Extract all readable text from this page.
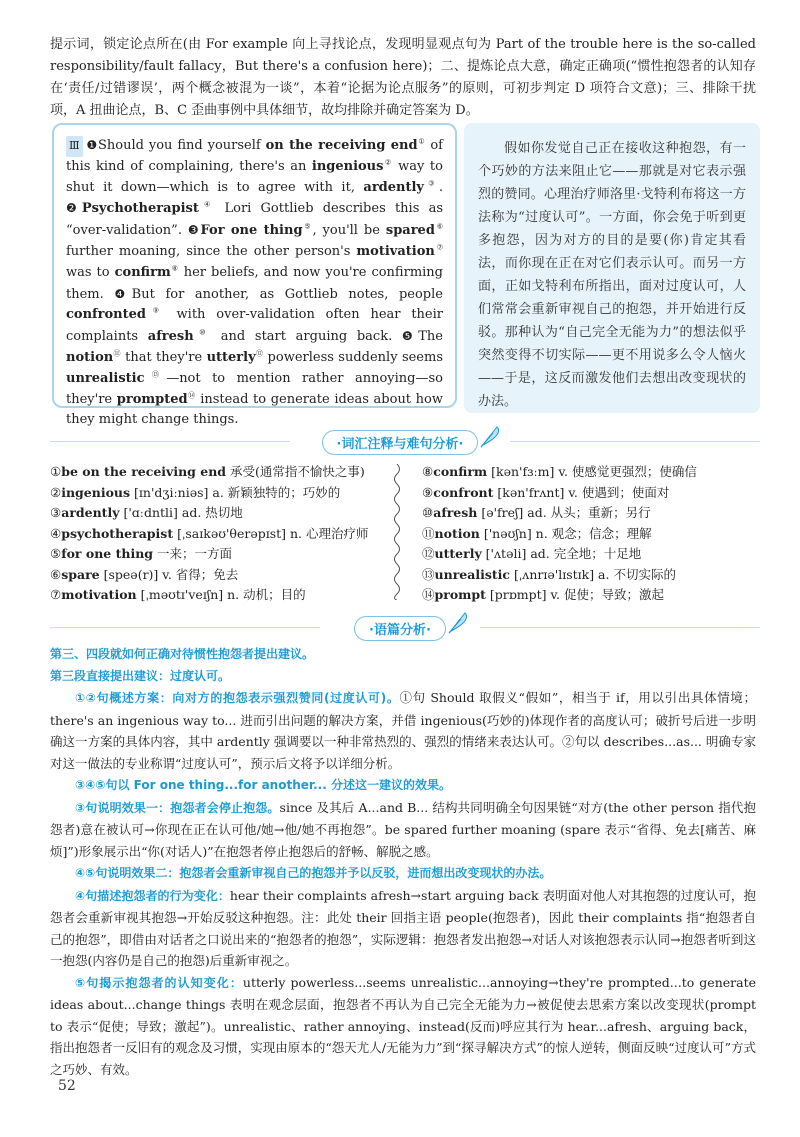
提示词，锁定论点所在(由 For example 向上寻找论点，发现明显观点句为 Part of the trouble here is the so-called responsibility/fault fallacy，But there's a confusion here)；二、提炼论点大意，确定正确项(“惯性抱怨者的认知存在‘责任/过错谬误’，两个概念被混为一谈”，本着“论据为论点服务”的原则，可初步判定 D 项符合文意)；三、排除干扰项，A 扭曲论点，B、C 歪曲事例中具体细节，故均排除并确定答案为 D。

Ⅲ ❶Should you find yourself on the receiving end① of this kind of complaining, there's an ingenious② way to shut it down—which is to agree with it, ardently③. ❷Psychotherapist④ Lori Gottlieb describes this as “over-validation”. ❸For one thing⑤, you'll be spared⑥ further moaning, since the other person's motivation⑦ was to confirm⑧ her beliefs, and now you're confirming them. ❹But for another, as Gottlieb notes, people confronted⑨ with over-validation often hear their complaints afresh⑩ and start arguing back. ❺The notion⑪ that they're utterly⑫ powerless suddenly seems unrealistic⑬—not to mention rather annoying—so they're prompted⑭ instead to generate ideas about how they might change things.
假如你发觉自己正在接收这种抱怨，有一个巧妙的方法来阻止它——那就是对它表示强烈的赞同。心理治疗师洛里·戈特利布将这一方法称为“过度认可”。一方面，你会免于听到更多抱怨，因为对方的目的是要(你)肯定其看法，而你现在正在对它们表示认可。而另一方面，正如戈特利布所指出，面对过度认可，人们常常会重新审视自己的抱怨，并开始进行反驳。那种认为“自己完全无能为力”的想法似乎突然变得不切实际——更不用说多么令人恼火——于是，这反而激发他们去想出改变现状的办法。
·词汇注释与难句分析·
①be on the receiving end 承受(通常指不愉快之事)
②ingenious [ɪn'dʒiːniəs] a. 新颖独特的；巧妙的
③ardently ['ɑːdntli] ad. 热切地
④psychotherapist [ˌsaɪkəʊ'θerəpɪst] n. 心理治疗师
⑤for one thing 一来；一方面
⑥spare [speə(r)] v. 省得；免去
⑦motivation [ˌməʊtɪ'veɪʃn] n. 动机；目的
⑧confirm [kən'fɜːm] v. 使感觉更强烈；使确信
⑨confront [kən'frʌnt] v. 使遇到；使面对
⑩afresh [ə'freʃ] ad. 从头；重新；另行
⑪notion ['nəʊʃn] n. 观念；信念；理解
⑫utterly ['ʌtəli] ad. 完全地；十足地
⑬unrealistic [ˌʌnrɪə'lɪstɪk] a. 不切实际的
⑭prompt [prɒmpt] v. 促使；导致；激起
·语篇分析·

第三、四段就如何正确对待惯性抱怨者提出建议。

第三段直接提出建议：过度认可。

①②句概述方案：向对方的抱怨表示强烈赞同(过度认可)。①句 Should 取假义“假如”，相当于 if，用以引出具体情境；there's an ingenious way to... 进而引出问题的解决方案，并借 ingenious(巧妙的)体现作者的高度认可；破折号后进一步明确这一方案的具体内容，其中 ardently 强调要以一种非常热烈的、强烈的情绪来表达认可。②句以 describes...as... 明确专家对这一做法的专业称谓“过度认可”，预示后文将予以详细分析。

③④⑤句以 For one thing...for another... 分述这一建议的效果。

③句说明效果一：抱怨者会停止抱怨。since 及其后 A...and B... 结构共同明确全句因果链“对方(the other person 指代抱怨者)意在被认可→你现在正在认可他/她→他/她不再抱怨”。be spared further moaning (spare 表示“省得、免去[痛苦、麻烦]”)形象展示出“你(对话人)”在抱怨者停止抱怨后的舒畅、解脱之感。

④⑤句说明效果二：抱怨者会重新审视自己的抱怨并予以反驳，进而想出改变现状的办法。

④句描述抱怨者的行为变化：hear their complaints afresh→start arguing back 表明面对他人对其抱怨的过度认可，抱怨者会重新审视其抱怨→开始反驳这种抱怨。注：此处 their 回指主语 people(抱怨者)，因此 their complaints 指“抱怨者自己的抱怨”，即借由对话者之口说出来的“抱怨者的抱怨”，实际逻辑：抱怨者发出抱怨→对话人对该抱怨表示认同→抱怨者听到这一抱怨(内容仍是自己的抱怨)后重新审视之。

⑤句揭示抱怨者的认知变化：utterly powerless...seems unrealistic...annoying→they're prompted...to generate ideas about...change things 表明在观念层面，抱怨者不再认为自己完全无能为力→被促使去思索方案以改变现状(prompt to 表示“促使；导致；激起”)。unrealistic、rather annoying、instead(反而)呼应其行为 hear...afresh、arguing back，指出抱怨者一反旧有的观念及习惯，实现由原本的“怨天尤人/无能为力”到“探寻解决方式”的惊人逆转，侧面反映“过度认可”方式之巧妙、有效。

52
